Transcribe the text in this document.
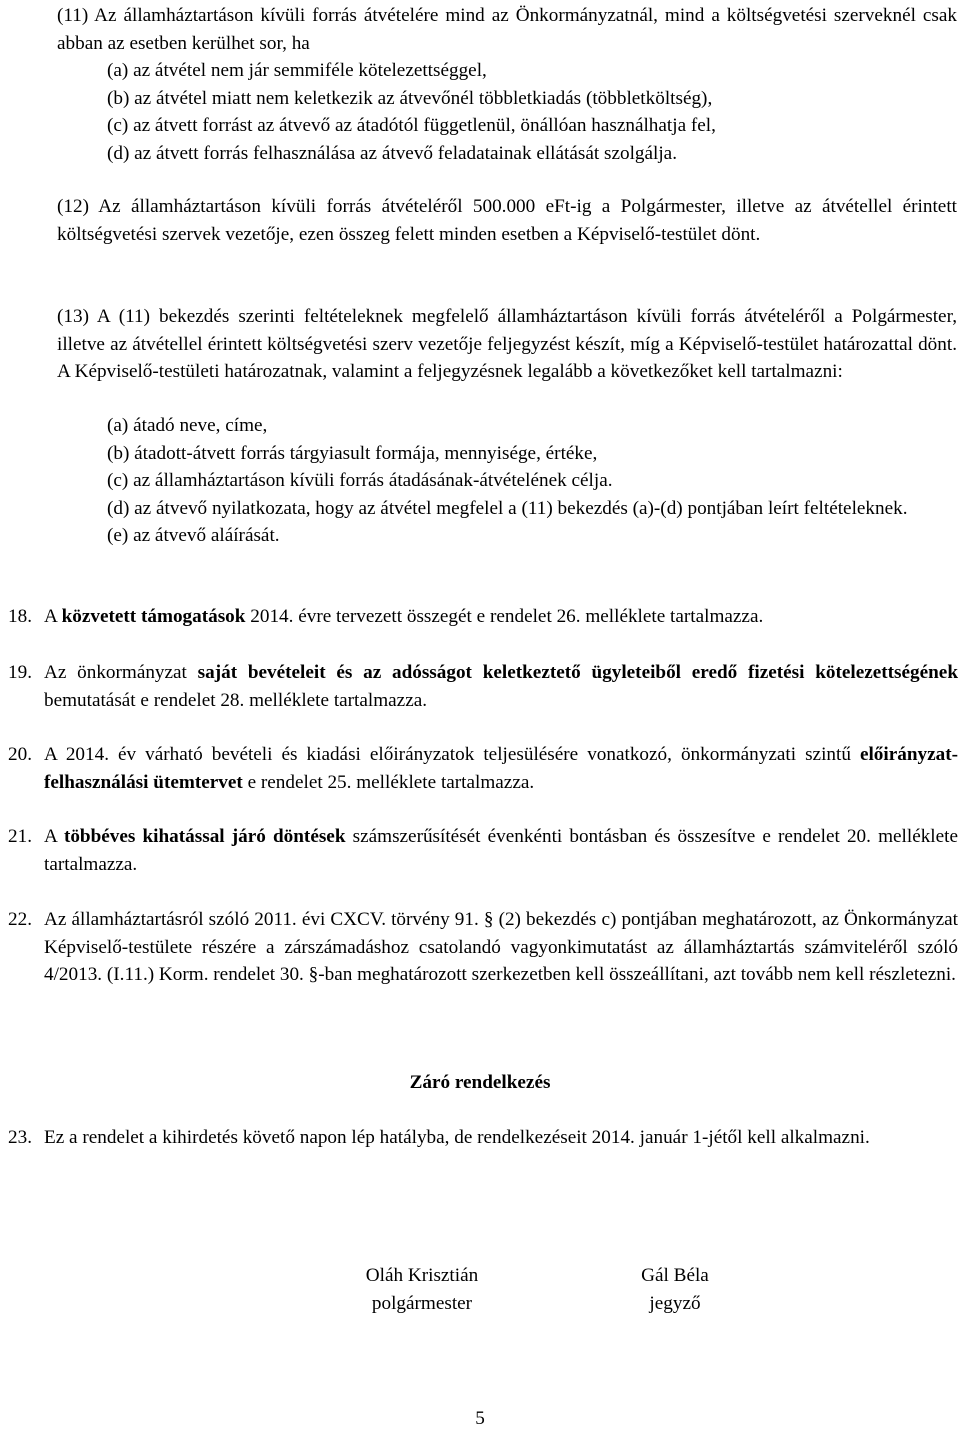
(11) Az államháztartáson kívüli forrás átvételére mind az Önkormányzatnál, mind a költségvetési szerveknél csak abban az esetben kerülhet sor, ha
(a) az átvétel nem jár semmiféle kötelezettséggel,
(b) az átvétel miatt nem keletkezik az átvevőnél többletkiadás (többletköltség),
(c) az átvett forrást az átvevő az átadótól függetlenül, önállóan használhatja fel,
(d) az átvett forrás felhasználása az átvevő feladatainak ellátását szolgálja.
(12) Az államháztartáson kívüli forrás átvételéről 500.000 eFt-ig a Polgármester, illetve az átvétellel érintett költségvetési szervek vezetője, ezen összeg felett minden esetben a Képviselő-testület dönt.
(13) A (11) bekezdés szerinti feltételeknek megfelelő államháztartáson kívüli forrás átvételéről a Polgármester, illetve az átvétellel érintett költségvetési szerv vezetője feljegyzést készít, míg a Képviselő-testület határozattal dönt. A Képviselő-testületi határozatnak, valamint a feljegyzésnek legalább a következőket kell tartalmazni:
(a) átadó neve, címe,
(b) átadott-átvett forrás tárgyiasult formája, mennyisége, értéke,
(c) az államháztartáson kívüli forrás átadásának-átvételének célja.
(d) az átvevő nyilatkozata, hogy az átvétel megfelel a (11) bekezdés (a)-(d) pontjában leírt feltételeknek.
(e) az átvevő aláírását.
18. A közvetett támogatások 2014. évre tervezett összegét e rendelet 26. melléklete tartalmazza.
19. Az önkormányzat saját bevételeit és az adósságot keletkeztető ügyleteiből eredő fizetési kötelezettségének bemutatását e rendelet 28. melléklete tartalmazza.
20. A 2014. év várható bevételi és kiadási előirányzatok teljesülésére vonatkozó, önkormányzati szintű előirányzat-felhasználási ütemtervet e rendelet 25. melléklete tartalmazza.
21. A többéves kihatással járó döntések számszerűsítését évenkénti bontásban és összesítve e rendelet 20. melléklete tartalmazza.
22. Az államháztartásról szóló 2011. évi CXCV. törvény 91. § (2) bekezdés c) pontjában meghatározott, az Önkormányzat Képviselő-testülete részére a zárszámadáshoz csatolandó vagyonkimutatást az államháztartás számviteléről szóló 4/2013. (I.11.) Korm. rendelet 30. §-ban meghatározott szerkezetben kell összeállítani, azt tovább nem kell részletezni.
Záró rendelkezés
23. Ez a rendelet a kihirdetés követő napon lép hatályba, de rendelkezéseit 2014. január 1-jétől kell alkalmazni.
Oláh Krisztián
polgármester
Gál Béla
jegyző
5
